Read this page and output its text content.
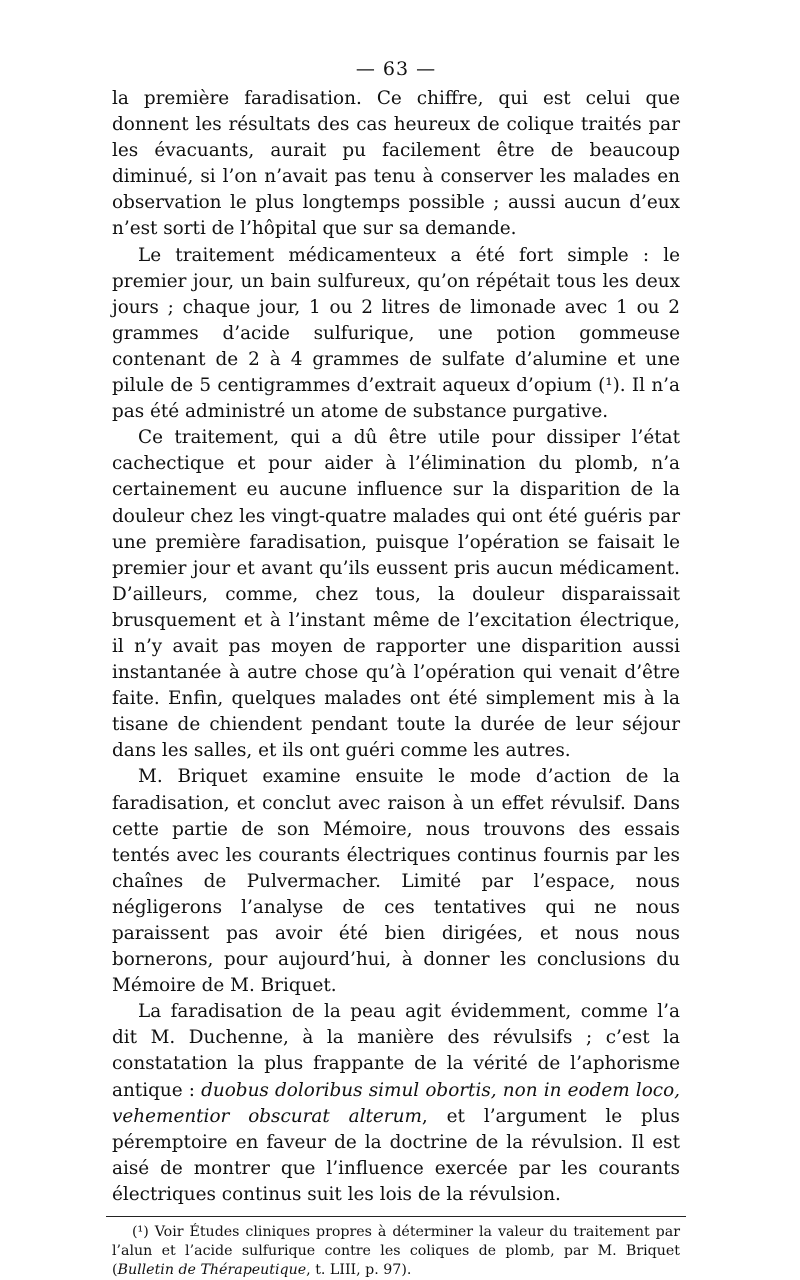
— 63 —

la première faradisation. Ce chiffre, qui est celui que donnent les résultats des cas heureux de colique traités par les évacuants, aurait pu facilement être de beaucoup diminué, si l’on n’avait pas tenu à conserver les malades en observation le plus longtemps possible ; aussi aucun d’eux n’est sorti de l’hôpital que sur sa demande.

Le traitement médicamenteux a été fort simple : le premier jour, un bain sulfureux, qu’on répétait tous les deux jours ; chaque jour, 1 ou 2 litres de limonade avec 1 ou 2 grammes d’acide sulfurique, une potion gommeuse contenant de 2 à 4 grammes de sulfate d’alumine et une pilule de 5 centigrammes d’extrait aqueux d’opium (¹). Il n’a pas été administré un atome de substance purgative.

Ce traitement, qui a dû être utile pour dissiper l’état cachectique et pour aider à l’élimination du plomb, n’a certainement eu aucune influence sur la disparition de la douleur chez les vingt-quatre malades qui ont été guéris par une première faradisation, puisque l’opération se faisait le premier jour et avant qu’ils eussent pris aucun médicament. D’ailleurs, comme, chez tous, la douleur disparaissait brusquement et à l’instant même de l’excitation électrique, il n’y avait pas moyen de rapporter une disparition aussi instantanée à autre chose qu’à l’opération qui venait d’être faite. Enfin, quelques malades ont été simplement mis à la tisane de chiendent pendant toute la durée de leur séjour dans les salles, et ils ont guéri comme les autres.

M. Briquet examine ensuite le mode d’action de la faradisation, et conclut avec raison à un effet révulsif. Dans cette partie de son Mémoire, nous trouvons des essais tentés avec les courants électriques continus fournis par les chaînes de Pulvermacher. Limité par l’espace, nous négligerons l’analyse de ces tentatives qui ne nous paraissent pas avoir été bien dirigées, et nous nous bornerons, pour aujourd’hui, à donner les conclusions du Mémoire de M. Briquet.

La faradisation de la peau agit évidemment, comme l’a dit M. Duchenne, à la manière des révulsifs ; c’est la constatation la plus frappante de la vérité de l’aphorisme antique : duobus doloribus simul obortis, non in eodem loco, vehementior obscurat alterum, et l’argument le plus péremptoire en faveur de la doctrine de la révulsion. Il est aisé de montrer que l’influence exercée par les courants électriques continus suit les lois de la révulsion.

(¹) Voir Études cliniques propres à déterminer la valeur du traitement par l’alun et l’acide sulfurique contre les coliques de plomb, par M. Briquet (Bulletin de Thérapeutique, t. LIII, p. 97).
